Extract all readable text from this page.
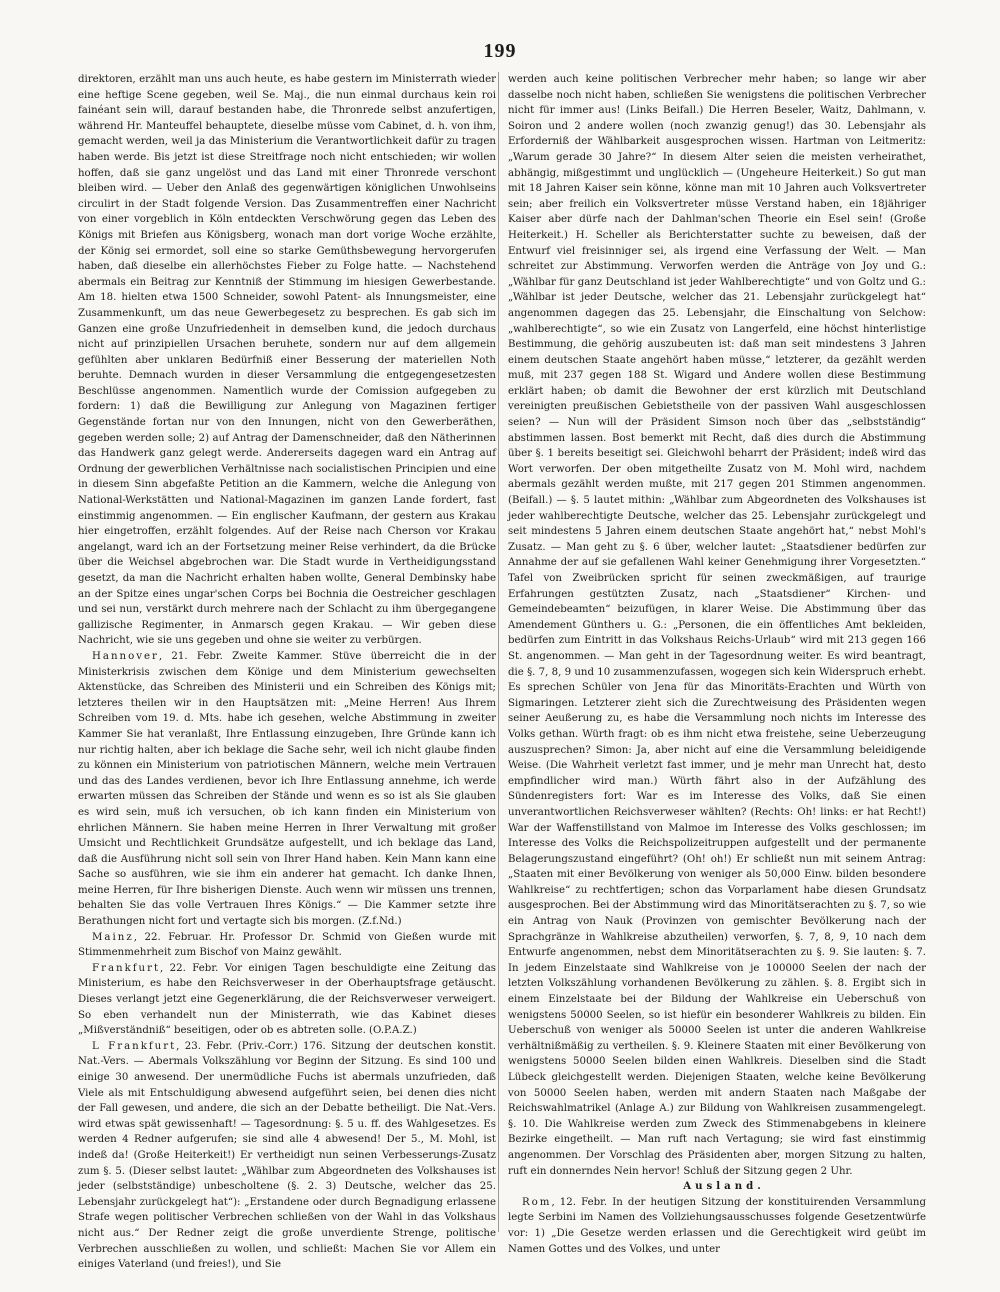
199

direktoren, erzählt man uns auch heute, es habe gestern im Ministerrath wieder eine heftige Scene gegeben, weil Se. Maj., die nun einmal durchaus kein roi fainéant sein will, darauf bestanden habe, die Thronrede selbst anzufertigen, während Hr. Manteuffel behauptete, dieselbe müsse vom Cabinet, d. h. von ihm, gemacht werden, weil ja das Ministerium die Verantwortlichkeit dafür zu tragen haben werde. Bis jetzt ist diese Streitfrage noch nicht entschieden; wir wollen hoffen, daß sie ganz ungelöst und das Land mit einer Thronrede verschont bleiben wird. — Ueber den Anlaß des gegenwärtigen königlichen Unwohlseins circulirt in der Stadt folgende Version. Das Zusammentreffen einer Nachricht von einer vorgeblich in Köln entdeckten Verschwörung gegen das Leben des Königs mit Briefen aus Königsberg, wonach man dort vorige Woche erzählte, der König sei ermordet, soll eine so starke Gemüthsbewegung hervorgerufen haben, daß dieselbe ein allerhöchstes Fieber zu Folge hatte. — Nachstehend abermals ein Beitrag zur Kenntniß der Stimmung im hiesigen Gewerbestande. Am 18. hielten etwa 1500 Schneider, sowohl Patent- als Innungsmeister, eine Zusammenkunft, um das neue Gewerbegesetz zu besprechen. Es gab sich im Ganzen eine große Unzufriedenheit in demselben kund, die jedoch durchaus nicht auf prinzipiellen Ursachen beruhete, sondern nur auf dem allgemein gefühlten aber unklaren Bedürfniß einer Besserung der materiellen Noth beruhte. Demnach wurden in dieser Versammlung die entgegengesetzesten Beschlüsse angenommen. Namentlich wurde der Comission aufgegeben zu fordern: 1) daß die Bewilligung zur Anlegung von Magazinen fertiger Gegenstände fortan nur von den Innungen, nicht von den Gewerberäthen, gegeben werden solle; 2) auf Antrag der Damenschneider, daß den Nätherinnen das Handwerk ganz gelegt werde. Andererseits dagegen ward ein Antrag auf Ordnung der gewerblichen Verhältnisse nach socialistischen Principien und eine in diesem Sinn abgefaßte Petition an die Kammern, welche die Anlegung von National-Werkstätten und National-Magazinen im ganzen Lande fordert, fast einstimmig angenommen. — Ein englischer Kaufmann, der gestern aus Krakau hier eingetroffen, erzählt folgendes. Auf der Reise nach Cherson vor Krakau angelangt, ward ich an der Fortsetzung meiner Reise verhindert, da die Brücke über die Weichsel abgebrochen war. Die Stadt wurde in Vertheidigungsstand gesetzt, da man die Nachricht erhalten haben wollte, General Dembinsky habe an der Spitze eines ungar'schen Corps bei Bochnia die Oestreicher geschlagen und sei nun, verstärkt durch mehrere nach der Schlacht zu ihm übergegangene gallizische Regimenter, in Anmarsch gegen Krakau. — Wir geben diese Nachricht, wie sie uns gegeben und ohne sie weiter zu verbürgen.

Hannover, 21. Febr. Zweite Kammer. Stüve überreicht die in der Ministerkrisis zwischen dem Könige und dem Ministerium gewechselten Aktenstücke, das Schreiben des Ministerii und ein Schreiben des Königs mit; letzteres theilen wir in den Hauptsätzen mit: „Meine Herren! Aus Ihrem Schreiben vom 19. d. Mts. habe ich gesehen, welche Abstimmung in zweiter Kammer Sie hat veranlaßt, Ihre Entlassung einzugeben, Ihre Gründe kann ich nur richtig halten, aber ich beklage die Sache sehr, weil ich nicht glaube finden zu können ein Ministerium von patriotischen Männern, welche mein Vertrauen und das des Landes verdienen, bevor ich Ihre Entlassung annehme, ich werde erwarten müssen das Schreiben der Stände und wenn es so ist als Sie glauben es wird sein, muß ich versuchen, ob ich kann finden ein Ministerium von ehrlichen Männern. Sie haben meine Herren in Ihrer Verwaltung mit großer Umsicht und Rechtlichkeit Grundsätze aufgestellt, und ich beklage das Land, daß die Ausführung nicht soll sein von Ihrer Hand haben. Kein Mann kann eine Sache so ausführen, wie sie ihm ein anderer hat gemacht. Ich danke Ihnen, meine Herren, für Ihre bisherigen Dienste. Auch wenn wir müssen uns trennen, behalten Sie das volle Vertrauen Ihres Königs.“ — Die Kammer setzte ihre Berathungen nicht fort und vertagte sich bis morgen. (Z.f.Nd.)

Mainz, 22. Februar. Hr. Professor Dr. Schmid von Gießen wurde mit Stimmenmehrheit zum Bischof von Mainz gewählt.

Frankfurt, 22. Febr. Vor einigen Tagen beschuldigte eine Zeitung das Ministerium, es habe den Reichsverweser in der Oberhauptsfrage getäuscht. Dieses verlangt jetzt eine Gegenerklärung, die der Reichsverweser verweigert. So eben verhandelt nun der Ministerrath, wie das Kabinet dieses „Mißverständniß“ beseitigen, oder ob es abtreten solle. (O.P.A.Z.)

L Frankfurt, 23. Febr. (Priv.-Corr.) 176. Sitzung der deutschen konstit. Nat.-Vers. — Abermals Volkszählung vor Beginn der Sitzung. Es sind 100 und einige 30 anwesend. Der unermüdliche Fuchs ist abermals unzufrieden, daß Viele als mit Entschuldigung abwesend aufgeführt seien, bei denen dies nicht der Fall gewesen, und andere, die sich an der Debatte betheiligt. Die Nat.-Vers. wird etwas spät gewissenhaft! — Tagesordnung: §. 5 u. ff. des Wahlgesetzes. Es werden 4 Redner aufgerufen; sie sind alle 4 abwesend! Der 5., M. Mohl, ist indeß da! (Große Heiterkeit!) Er vertheidigt nun seinen Verbesserungs-Zusatz zum §. 5. (Dieser selbst lautet: „Wählbar zum Abgeordneten des Volkshauses ist jeder (selbstständige) unbescholtene (§. 2. 3) Deutsche, welcher das 25. Lebensjahr zurückgelegt hat“): „Erstandene oder durch Begnadigung erlassene Strafe wegen politischer Verbrechen schließen von der Wahl in das Volkshaus nicht aus.“ Der Redner zeigt die große unverdiente Strenge, politische Verbrechen ausschließen zu wollen, und schließt: Machen Sie vor Allem ein einiges Vaterland (und freies!), und Sie

werden auch keine politischen Verbrecher mehr haben; so lange wir aber dasselbe noch nicht haben, schließen Sie wenigstens die politischen Verbrecher nicht für immer aus! (Links Beifall.) Die Herren Beseler, Waitz, Dahlmann, v. Soiron und 2 andere wollen (noch zwanzig genug!) das 30. Lebensjahr als Erforderniß der Wählbarkeit ausgesprochen wissen. Hartman von Leitmeritz: „Warum gerade 30 Jahre?“ In diesem Alter seien die meisten verheirathet, abhängig, mißgestimmt und unglücklich — (Ungeheure Heiterkeit.) So gut man mit 18 Jahren Kaiser sein könne, könne man mit 10 Jahren auch Volksvertreter sein; aber freilich ein Volksvertreter müsse Verstand haben, ein 18jähriger Kaiser aber dürfe nach der Dahlman'schen Theorie ein Esel sein! (Große Heiterkeit.) H. Scheller als Berichterstatter suchte zu beweisen, daß der Entwurf viel freisinniger sei, als irgend eine Verfassung der Welt. — Man schreitet zur Abstimmung. Verworfen werden die Anträge von Joy und G.: „Wählbar für ganz Deutschland ist jeder Wahlberechtigte“ und von Goltz und G.: „Wählbar ist jeder Deutsche, welcher das 21. Lebensjahr zurückgelegt hat“ angenommen dagegen das 25. Lebensjahr, die Einschaltung von Selchow: „wahlberechtigte“, so wie ein Zusatz von Langerfeld, eine höchst hinterlistige Bestimmung, die gehörig auszubeuten ist: daß man seit mindestens 3 Jahren einem deutschen Staate angehört haben müsse,“ letzterer, da gezählt werden muß, mit 237 gegen 188 St. Wigard und Andere wollen diese Bestimmung erklärt haben; ob damit die Bewohner der erst kürzlich mit Deutschland vereinigten preußischen Gebietstheile von der passiven Wahl ausgeschlossen seien? — Nun will der Präsident Simson noch über das „selbstständig“ abstimmen lassen. Bost bemerkt mit Recht, daß dies durch die Abstimmung über §. 1 bereits beseitigt sei. Gleichwohl beharrt der Präsident; indeß wird das Wort verworfen. Der oben mitgetheilte Zusatz von M. Mohl wird, nachdem abermals gezählt werden mußte, mit 217 gegen 201 Stimmen angenommen. (Beifall.) — §. 5 lautet mithin: „Wählbar zum Abgeordneten des Volkshauses ist jeder wahlberechtigte Deutsche, welcher das 25. Lebensjahr zurückgelegt und seit mindestens 5 Jahren einem deutschen Staate angehört hat,“ nebst Mohl's Zusatz. — Man geht zu §. 6 über, welcher lautet: „Staatsdiener bedürfen zur Annahme der auf sie gefallenen Wahl keiner Genehmigung ihrer Vorgesetzten.“ Tafel von Zweibrücken spricht für seinen zweckmäßigen, auf traurige Erfahrungen gestützten Zusatz, nach „Staatsdiener“ Kirchen- und Gemeindebeamten“ beizufügen, in klarer Weise. Die Abstimmung über das Amendement Günthers u. G.: „Personen, die ein öffentliches Amt bekleiden, bedürfen zum Eintritt in das Volkshaus Reichs-Urlaub“ wird mit 213 gegen 166 St. angenommen. — Man geht in der Tagesordnung weiter. Es wird beantragt, die §. 7, 8, 9 und 10 zusammenzufassen, wogegen sich kein Widerspruch erhebt. Es sprechen Schüler von Jena für das Minoritäts-Erachten und Würth von Sigmaringen. Letzterer zieht sich die Zurechtweisung des Präsidenten wegen seiner Aeußerung zu, es habe die Versammlung noch nichts im Interesse des Volks gethan. Würth fragt: ob es ihm nicht etwa freistehe, seine Ueberzeugung auszusprechen? Simon: Ja, aber nicht auf eine die Versammlung beleidigende Weise. (Die Wahrheit verletzt fast immer, und je mehr man Unrecht hat, desto empfindlicher wird man.) Würth fährt also in der Aufzählung des Sündenregisters fort: War es im Interesse des Volks, daß Sie einen unverantwortlichen Reichsverweser wählten? (Rechts: Oh! links: er hat Recht!) War der Waffenstillstand von Malmoe im Interesse des Volks geschlossen; im Interesse des Volks die Reichspolizeitruppen aufgestellt und der permanente Belagerungszustand eingeführt? (Oh! oh!) Er schließt nun mit seinem Antrag: „Staaten mit einer Bevölkerung von weniger als 50,000 Einw. bilden besondere Wahlkreise“ zu rechtfertigen; schon das Vorparlament habe diesen Grundsatz ausgesprochen. Bei der Abstimmung wird das Minoritätserachten zu §. 7, so wie ein Antrag von Nauk (Provinzen von gemischter Bevölkerung nach der Sprachgränze in Wahlkreise abzutheilen) verworfen, §. 7, 8, 9, 10 nach dem Entwurfe angenommen, nebst dem Minoritätserachten zu §. 9. Sie lauten: §. 7. In jedem Einzelstaate sind Wahlkreise von je 100000 Seelen der nach der letzten Volkszählung vorhandenen Bevölkerung zu zählen. §. 8. Ergibt sich in einem Einzelstaate bei der Bildung der Wahlkreise ein Ueberschuß von wenigstens 50000 Seelen, so ist hiefür ein besonderer Wahlkreis zu bilden. Ein Ueberschuß von weniger als 50000 Seelen ist unter die anderen Wahlkreise verhältnißmäßig zu vertheilen. §. 9. Kleinere Staaten mit einer Bevölkerung von wenigstens 50000 Seelen bilden einen Wahlkreis. Dieselben sind die Stadt Lübeck gleichgestellt werden. Diejenigen Staaten, welche keine Bevölkerung von 50000 Seelen haben, werden mit andern Staaten nach Maßgabe der Reichswahlmatrikel (Anlage A.) zur Bildung von Wahlkreisen zusammengelegt. §. 10. Die Wahlkreise werden zum Zweck des Stimmenabgebens in kleinere Bezirke eingetheilt. — Man ruft nach Vertagung; sie wird fast einstimmig angenommen. Der Vorschlag des Präsidenten aber, morgen Sitzung zu halten, ruft ein donnerndes Nein hervor! Schluß der Sitzung gegen 2 Uhr.

Ausland.

Rom, 12. Febr. In der heutigen Sitzung der konstituirenden Versammlung legte Serbini im Namen des Vollziehungsausschusses folgende Gesetzentwürfe vor: 1) „Die Gesetze werden erlassen und die Gerechtigkeit wird geübt im Namen Gottes und des Volkes, und unter
